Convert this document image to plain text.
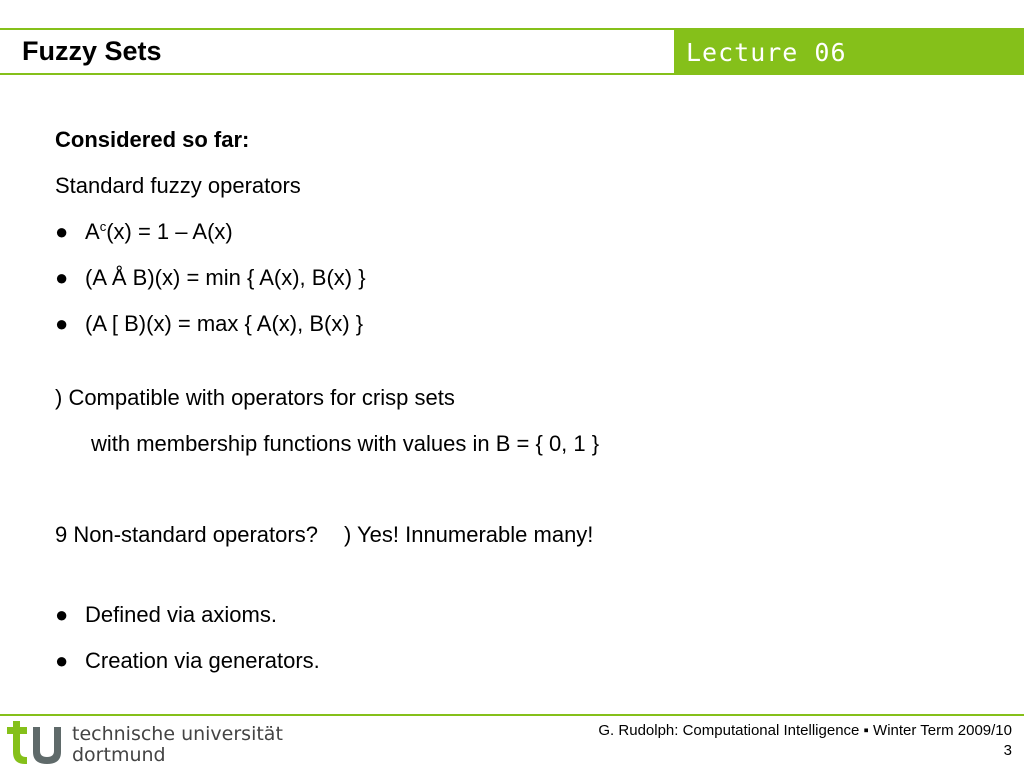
Fuzzy Sets	Lecture 06
Considered so far:
Standard fuzzy operators
● $A^c(x) = 1 - A(x)$
● (A Å B)(x) = min { A(x), B(x) }
● (A [ B)(x) = max { A(x), B(x) }
) Compatible with operators for crisp sets
with membership functions with values in B = { 0, 1 }
9 Non-standard operators? ) Yes! Innumerable many!
● Defined via axioms.
● Creation via generators.
technische universität
dortmund
G. Rudolph: Computational Intelligence ▪ Winter Term 2009/10
3
